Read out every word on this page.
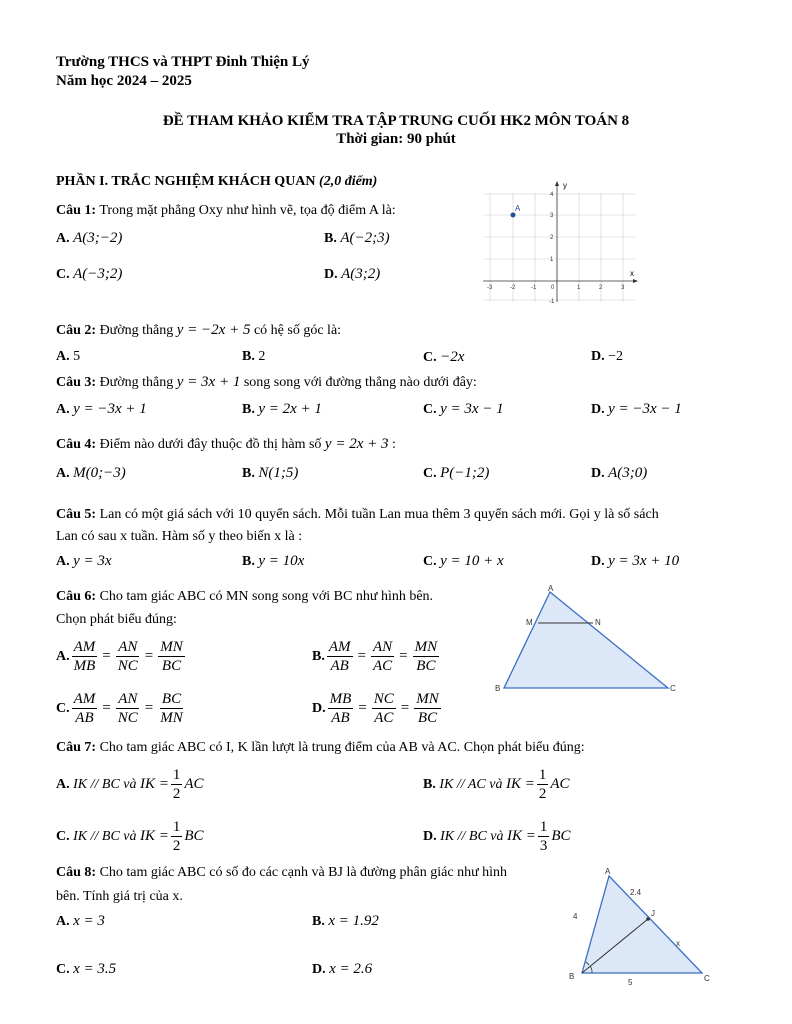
Trường THCS và THPT Đinh Thiện Lý
Năm học 2024 – 2025
ĐỀ THAM KHẢO KIỂM TRA TẬP TRUNG CUỐI HK2 MÔN TOÁN 8
Thời gian: 90 phút
PHẦN I. TRẮC NGHIỆM KHÁCH QUAN (2,0 điểm)
Câu 1: Trong mặt phẳng Oxy như hình vẽ, tọa độ điểm A là:
A. A(3;−2)	B. A(−2;3)
C. A(−3;2)	D. A(3;2)
y
x
4
3
2
1
-1
-3	-2	-1 0	1	2	3
A
Câu 2: Đường thẳng y = −2x + 5 có hệ số góc là:
A. 5	B. 2	C. −2x	D. −2
Câu 3: Đường thẳng y = 3x + 1 song song với đường thẳng nào dưới đây:
A. y = −3x + 1	B. y = 2x + 1	C. y = 3x − 1	D. y = −3x − 1
Câu 4: Điểm nào dưới đây thuộc đồ thị hàm số y = 2x + 3 :
A. M(0;−3)	B. N(1;5)	C. P(−1;2)	D. A(3;0)
Câu 5: Lan có một giá sách với 10 quyển sách. Mỗi tuần Lan mua thêm 3 quyển sách mới. Gọi y là số sách
Lan có sau x tuần. Hàm số y theo biến x là :
A. y = 3x	B. y = 10x	C. y = 10 + x	D. y = 3x + 10
Câu 6: Cho tam giác ABC có MN song song với BC như hình bên.
Chọn phát biểu đúng:
A. $\frac{AM}{MB} = \frac{AN}{NC} = \frac{MN}{BC}$	B. $\frac{AM}{AB} = \frac{AN}{AC} = \frac{MN}{BC}$
C. $\frac{AM}{AB} = \frac{AN}{NC} = \frac{BC}{MN}$	D. $\frac{MB}{AB} = \frac{NC}{AC} = \frac{MN}{BC}$
A
B	C
M	N
Câu 7: Cho tam giác ABC có I, K lần lượt là trung điểm của AB và AC. Chọn phát biểu đúng:
A.
IK // BC và
IK = $\frac{1}{2}$ AC	B.
IK // AC và
IK = $\frac{1}{2}$ AC
C.
IK // BC và
IK = $\frac{1}{2}$ BC	D.
IK // BC và
IK = $\frac{1}{3}$ BC
Câu 8: Cho tam giác ABC có số đo các cạnh và BJ là đường phân giác như hình
bên. Tính giá trị của x.
A. x = 3	B. x = 1.92
C. x = 3.5	D. x = 2.6
A
B	C
J
2.4
4
5
x
